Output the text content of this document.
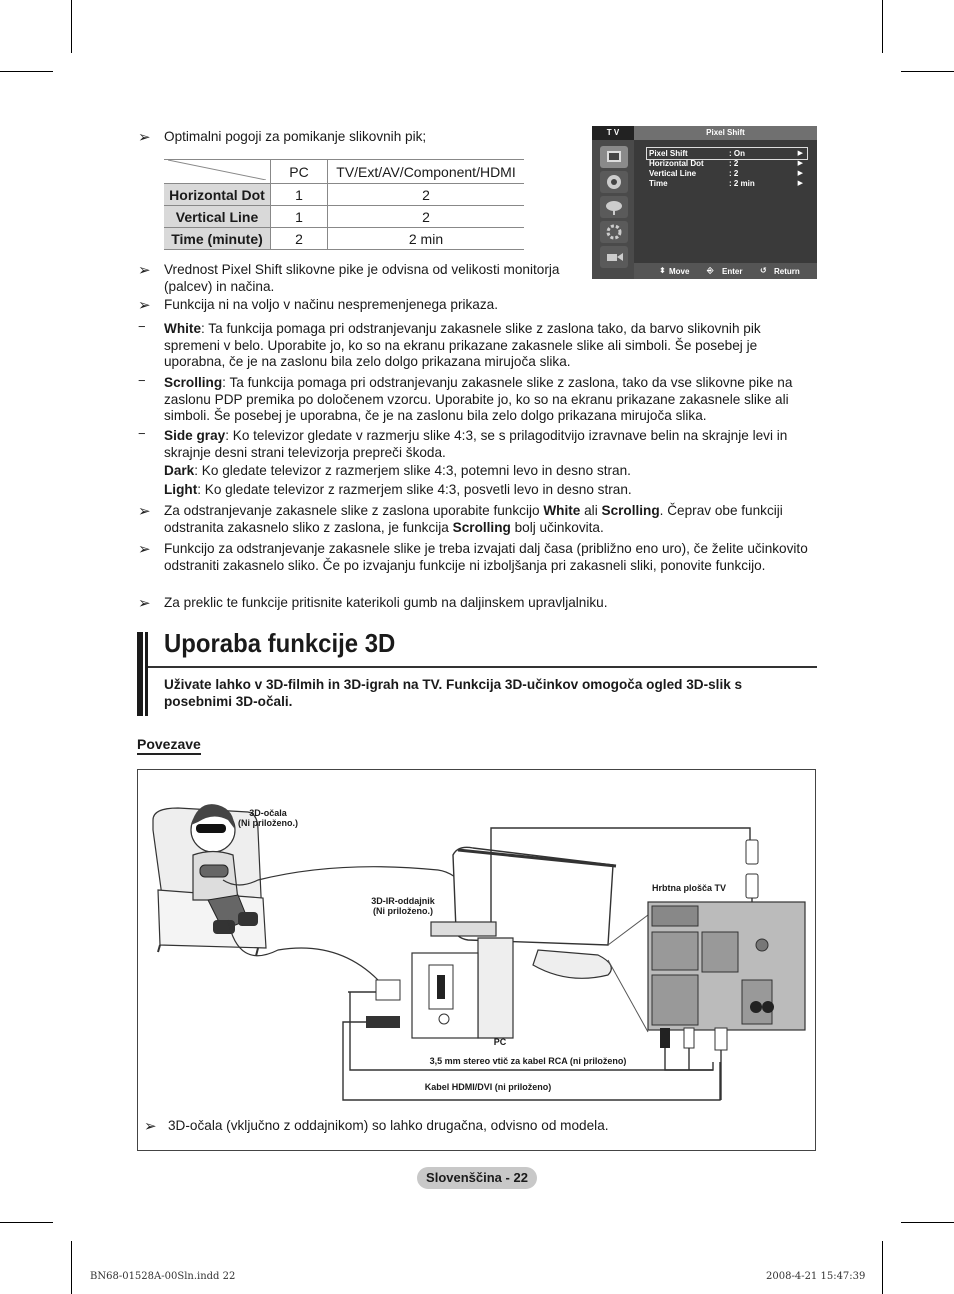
➢ Optimalni pogoji za pomikanje slikovnih pik;
	PC	TV/Ext/AV/Component/HDMI
Horizontal Dot	1	2
Vertical Line	1	2
Time (minute)	2	2 min
T V	Pixel Shift
Pixel Shift	: On	▶
Horizontal Dot	: 2	▶
Vertical Line	: 2	▶
Time	: 2 min	▶
⬍ Move ⎆ Enter ↺ Return
➢ Vrednost Pixel Shift slikovne pike je odvisna od velikosti monitorja (palcev) in načina.
➢ Funkcija ni na voljo v načinu nespremenjenega prikaza.
− White: Ta funkcija pomaga pri odstranjevanju zakasnele slike z zaslona tako, da barvo slikovnih pik spremeni v belo. Uporabite jo, ko so na ekranu prikazane zakasnele slike ali simboli. Še posebej je uporabna, če je na zaslonu bila zelo dolgo prikazana mirujoča slika.
− Scrolling: Ta funkcija pomaga pri odstranjevanju zakasnele slike z zaslona, tako da vse slikovne pike na zaslonu PDP premika po določenem vzorcu. Uporabite jo, ko so na ekranu prikazane zakasnele slike ali simboli. Še posebej je uporabna, če je na zaslonu bila zelo dolgo prikazana mirujoča slika.
− Side gray: Ko televizor gledate v razmerju slike 4:3, se s prilagoditvijo izravnave belin na skrajnje levi in skrajnje desni strani televizorja prepreči škoda.
Dark: Ko gledate televizor z razmerjem slike 4:3, potemni levo in desno stran.
Light: Ko gledate televizor z razmerjem slike 4:3, posvetli levo in desno stran.
➢ Za odstranjevanje zakasnele slike z zaslona uporabite funkcijo White ali Scrolling. Čeprav obe funkciji odstranita zakasnelo sliko z zaslona, je funkcija Scrolling bolj učinkovita.
➢ Funkcijo za odstranjevanje zakasnele slike je treba izvajati dalj časa (približno eno uro), če želite učinkovito odstraniti zakasnelo sliko. Če po izvajanju funkcije ni izboljšanja pri zakasneli sliki, ponovite funkcijo.
➢ Za preklic te funkcije pritisnite katerikoli gumb na daljinskem upravljalniku.
Uporaba funkcije 3D
Uživate lahko v 3D-filmih in 3D-igrah na TV. Funkcija 3D-učinkov omogoča ogled 3D-slik s posebnimi 3D-očali.
Povezave
3D-očala
(Ni priloženo.)
3D-IR-oddajnik
(Ni priloženo.)
Hrbtna plošča TV
PC
3,5 mm stereo vtič za kabel RCA (ni priloženo)
Kabel HDMI/DVI (ni priloženo)
➢ 3D-očala (vključno z oddajnikom) so lahko drugačna, odvisno od modela.
Slovenščina - 22
BN68-01528A-00Sln.indd 22	2008-4-21 15:47:39
